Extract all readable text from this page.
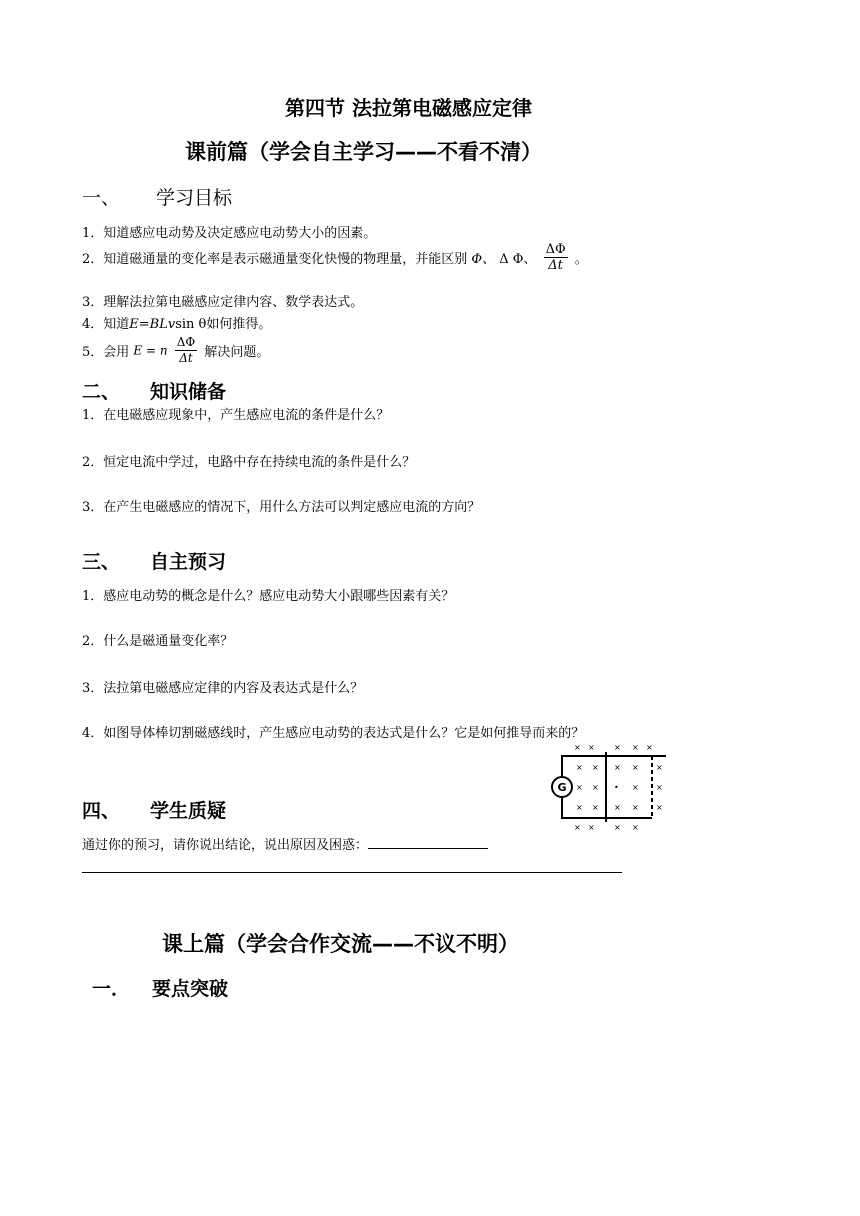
第四节 法拉第电磁感应定律
课前篇（学会自主学习——不看不清）
一、 学习目标
1．知道感应电动势及决定感应电动势大小的因素。
2．知道磁通量的变化率是表示磁通量变化快慢的物理量，并能区别 Φ、 Δ Φ、 $\frac{\Delta\Phi}{\Delta t}$ 。
3．理解法拉第电磁感应定律内容、数学表达式。
4．知道E=BLvsin θ如何推得。
5．会用 E = n $\frac{\Delta\Phi}{\Delta t}$ 解决问题。
二、 知识储备
1．在电磁感应现象中，产生感应电流的条件是什么？
2．恒定电流中学过，电路中存在持续电流的条件是什么？
3．在产生电磁感应的情况下，用什么方法可以判定感应电流的方向？
三、 自主预习
1．感应电动势的概念是什么？感应电动势大小跟哪些因素有关？
2．什么是磁通量变化率？
3．法拉第电磁感应定律的内容及表达式是什么？
4．如图导体棒切割磁感线时，产生感应电动势的表达式是什么？它是如何推导而来的？
G
× × × × ×
× × × × ×
× × • × ×
× × × × ×
× × × ×
四、 学生质疑
通过你的预习，请你说出结论，说出原因及困惑：
课上篇（学会合作交流——不议不明）
一． 要点突破
